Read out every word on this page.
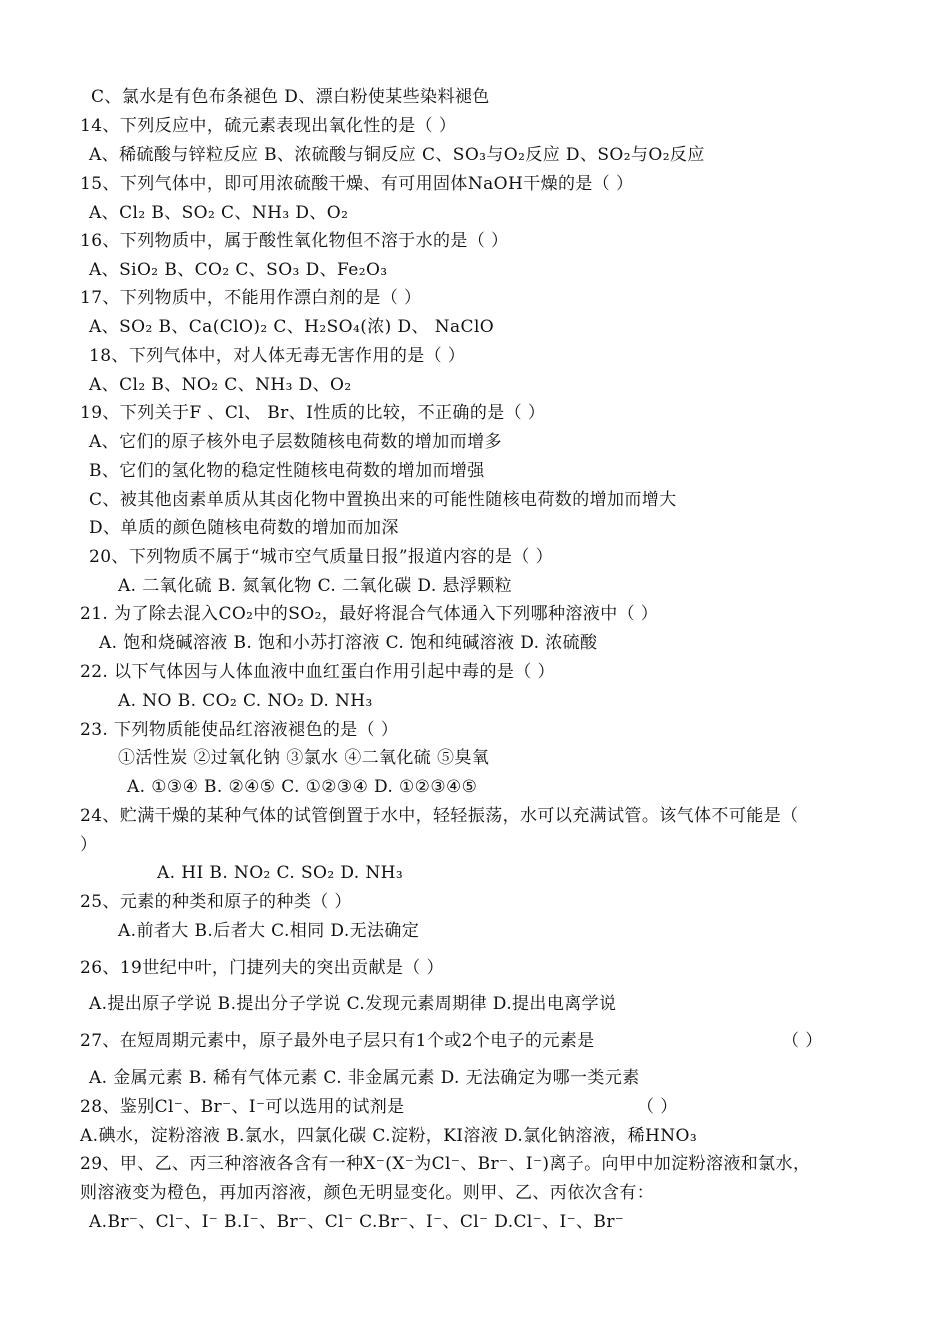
C、氯水是有色布条褪色 D、漂白粉使某些染料褪色
14、下列反应中，硫元素表现出氧化性的是（ ）
A、稀硫酸与锌粒反应 B、浓硫酸与铜反应 C、SO₃与O₂反应 D、SO₂与O₂反应
15、下列气体中，即可用浓硫酸干燥、有可用固体NaOH干燥的是（ ）
A、Cl₂ B、SO₂ C、NH₃ D、O₂
16、下列物质中，属于酸性氧化物但不溶于水的是（ ）
A、SiO₂ B、CO₂ C、SO₃ D、Fe₂O₃
17、下列物质中，不能用作漂白剂的是（ ）
A、SO₂ B、Ca(ClO)₂ C、H₂SO₄(浓) D、 NaClO
18、下列气体中，对人体无毒无害作用的是（ ）
A、Cl₂ B、NO₂ C、NH₃ D、O₂
19、下列关于F 、Cl、 Br、I性质的比较，不正确的是（ ）
A、它们的原子核外电子层数随核电荷数的增加而增多
B、它们的氢化物的稳定性随核电荷数的增加而增强
C、被其他卤素单质从其卤化物中置换出来的可能性随核电荷数的增加而增大
D、单质的颜色随核电荷数的增加而加深
20、下列物质不属于“城市空气质量日报”报道内容的是（ ）
A. 二氧化硫 B. 氮氧化物 C. 二氧化碳 D. 悬浮颗粒
21. 为了除去混入CO₂中的SO₂，最好将混合气体通入下列哪种溶液中（ ）
A. 饱和烧碱溶液 B. 饱和小苏打溶液 C. 饱和纯碱溶液 D. 浓硫酸
22. 以下气体因与人体血液中血红蛋白作用引起中毒的是（ ）
A. NO B. CO₂ C. NO₂ D. NH₃
23. 下列物质能使品红溶液褪色的是（ ）
①活性炭 ②过氧化钠 ③氯水 ④二氧化硫 ⑤臭氧
A. ①③④ B. ②④⑤ C. ①②③④ D. ①②③④⑤
24、贮满干燥的某种气体的试管倒置于水中，轻轻振荡，水可以充满试管。该气体不可能是（
）
A. HI B. NO₂ C. SO₂ D. NH₃
25、元素的种类和原子的种类（ ）
A.前者大 B.后者大 C.相同 D.无法确定
26、19世纪中叶，门捷列夫的突出贡献是（ ）
A.提出原子学说 B.提出分子学说 C.发现元素周期律 D.提出电离学说
27、在短周期元素中，原子最外电子层只有1个或2个电子的元素是	（ ）
A. 金属元素 B. 稀有气体元素 C. 非金属元素 D. 无法确定为哪一类元素
28、鉴别Cl⁻、Br⁻、I⁻可以选用的试剂是	（ ）
A.碘水，淀粉溶液 B.氯水，四氯化碳 C.淀粉，KI溶液 D.氯化钠溶液，稀HNO₃
29、甲、乙、丙三种溶液各含有一种X⁻(X⁻为Cl⁻、Br⁻、I⁻)离子。向甲中加淀粉溶液和氯水，
则溶液变为橙色，再加丙溶液，颜色无明显变化。则甲、乙、丙依次含有：
A.Br⁻、Cl⁻、I⁻ B.I⁻、Br⁻、Cl⁻ C.Br⁻、I⁻、Cl⁻ D.Cl⁻、I⁻、Br⁻
